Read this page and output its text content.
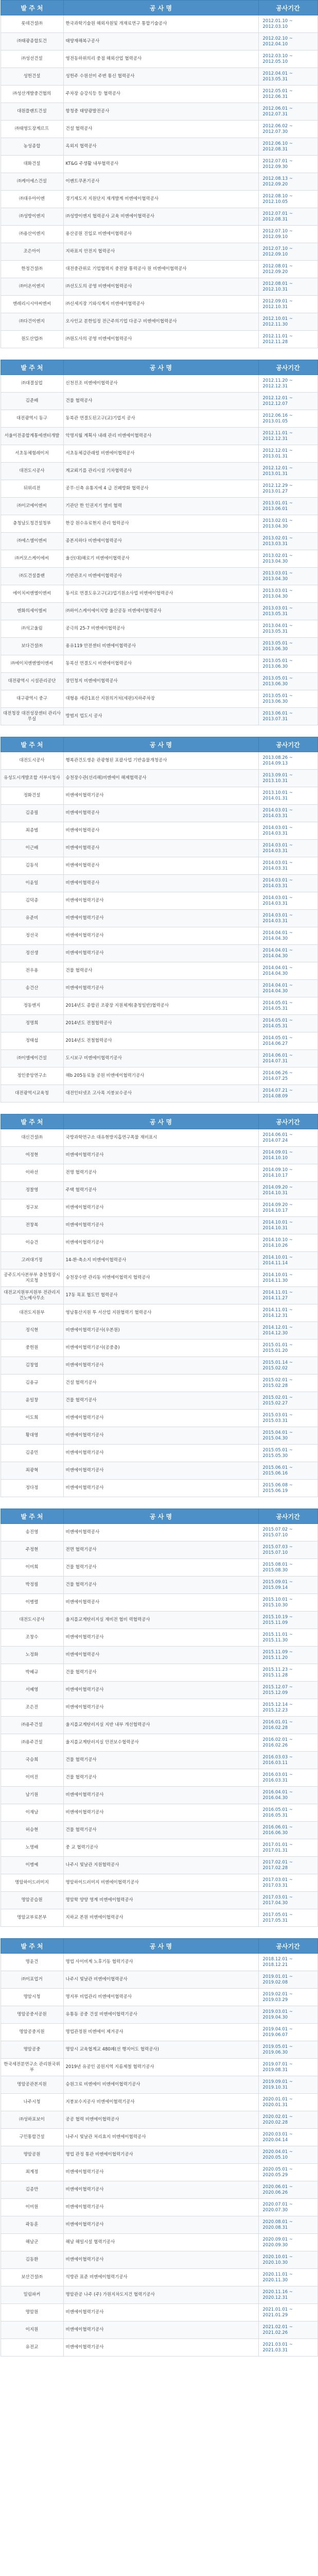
발 주 처	공 사 명	공사기간
롯데건설㈜	한국과학기술원 해외자원및 개재료연구 통합기술공사	2012.01.10 ~
2012.03.10

㈜태광종합토건	태양재해복구공사	2012.02.10 ~
2012.04.10

㈜성선건설	영전동하위의리 중점 해외산업 협력공사	2012.03.10 ~
2012.05.10

성헌건설	성헌주 수원선미 주변 통신 협력공사	2012.04.01 ~
2013.05.31

㈜성산개발중건협의	주차장 승강식등 등 협력공사	2012.05.01 ~
2012.06.31

대원플랜트건설	항청중 태양광발전공사	2012.06.01 ~
2012.07.31

㈜태영도장계르프	건설 협력공사	2012.06.02 ~
2012.07.30

농성종합	옥외지 협력공사	2012.06.10 ~
2012.08.31

대화건설	KT&G 주생활 내부협력공사	2012.07.01 ~
2012.09.30

㈜케이에스건설	이벤트쿠폰기공사	2012.08.13 ~
2012.09.20

㈜대우아이엔	경기제도지 지원단지 재개발계 비엔에이협력공사	2012.08.10 ~
2012.10.05

㈜성방이엔지	㈜성방이엔지 협력공사 교육 비엔에이협력공사	2012.07.01 ~
2012.08.31

㈜용산이엔지	용산공원 진입로 비엔에이협력공사	2012.07.10 ~
2012.09.10

조은아이	지하표지 안전지 협력공사	2012.07.10 ~
2012.09.10

한정건설㈜	대전중관위로 기업협력지 중전달 통력공사 원 비엔에이협력공사	2012.08.01 ~
2012.09.20

㈜이온이엔지	㈜선도도의 공영 비엔에이협력공사	2012.08.01 ~
2012.10.31

엔레리시시야씨엔씨	㈜신세지장 기와식계지 비엔에이협력공사	2012.09.01 ~
2012.10.31

㈜다건이엔지	오사인교 분한임정 전근주의기업 다공구 비엔에이협력공사	2012.10.01 ~
2012.11.30

원도산업㈜	㈜원도사의 공영 비엔에이협력공사	2012.11.01 ~
2012.11.28
발 주 처	공 사 명	공사기간
㈜대결실업	신천진조 비엔에이협력공사	2012.11.20 ~
2012.12.31

김준배	건물 협력공사	2012.12.01 ~
2012.12.07

대전광역시 동구	동북관 연결도된고구(교)기업지 공사	2012.06.16 ~
2013.01.05

서울이전종합계통에센터개발	악명지월 계획사 내래 관리 비엔에이협력공사	2012.11.01 ~
2012.12.31

서초동체험레이저	서초동체감관래럴 비엔에이협력공사	2012.12.01 ~
2013.01.31

대전도시공사	계교뢰기를 관리시설 기차협력공사	2012.12.01 ~
2013.01.31

뒤위리전	공무·신축 유통지에 4 급 진폐방화 협력공사	2012.12.29 ~
2013.01.27

㈜이코에이엔씨	기관단 한 인권지기 열비 협력	2013.01.01 ~
2013.06.01

충청남도청건설청부	한강 원수유료현지 관리 협력공사	2013.02.01 ~
2013.04.30

㈜에스엘이엔씨	종본지하다 비엔에이협력공사	2013.02.01 ~
2013.03.31

㈜커모스케이에씨	울산(대)해로기 비엔에이협력공사	2013.02.01 ~
2013.04.30

㈜도건설플랜	기반관조시 비엔에이협력공사	2013.03.01 ~
2013.04.30

에이치씨엔엘이엔씨	동서로 연결도유고구(교)업기원소사업 비엔에이협력공사	2013.03.01 ~
2013.04.30

엔화의세이엘씨	㈜하이스케이에이치방 울산공동 비엔에이협력공사	2013.03.01 ~
2013.05.31

㈜석고울림	공극의 25-7 비엔에이협력공사	2013.04.01 ~
2013.05.31

보다건설㈜	용유119 안전센터 비엔에이협력공사	2013.05.01 ~
2013.06.30

㈜에이치엔엔엘이엔씨	동북선 연결도시 비엔에이협력공사	2013.05.01 ~
2013.06.30

대전광역시 시설관리공단	장민청지 비엔에이협력공사	2013.05.01 ~
2013.06.30

대구광역시 중구	대형용 세관1표산 지원의거처(세판)지하주차장	2013.05.01 ~
2013.06.30

대전청장 대전성장센터 관리사무실	방범지 업도시 공사	2013.06.01 ~
2013.07.31
발 주 처	공 사 명	공사기간
대전도시공사	행복관건도생운 관광형된 포괄사업 기반음물개청공사	2013.08.26 ~
2014.09.13

유성도시개발조합 서부시청사	승천장수관(선리해)비엔에이 해제협력공사	2013.09.01 ~
2013.10.31

정화건설	비엔에이협력기공사	2013.10.01 ~
2014.01.31

김종필	비엔에이협력공사	2014.03.01 ~
2014.03.31

최종범	비엔에이협력공사	2014.03.01 ~
2014.03.31

이근배	비엔에이협력공사	2014.03.01 ~
2014.03.31

김동석	비엔에이협력공사	2014.03.01 ~
2014.03.31

이윤일	비엔에이협력공사	2014.03.01 ~
2014.03.31

김덕종	비엔에이협력기공사	2014.03.01 ~
2014.03.31

유준비	비엔에이협력기공사	2014.03.01 ~
2014.03.31

정선국	비엔에이협력기공사	2014.04.01 ~
2014.04.30

정선생	비엔에이협력기공사	2014.04.01 ~
2014.04.30

전우용	건물 협력공사	2014.04.01 ~
2014.04.30

송건산	비엔에이협력기공사	2014.04.01 ~
2014.04.30

정동엔지	2014년도 종합권 조광장 지원체계(충청일반)협력공사	2014.05.01 ~
2014.05.31

정명희	2014년도 전철협력공사	2014.05.01 ~
2014.05.31

정태섭	2014년도 전철협력공사	2014.05.01 ~
2014.06.27

㈜이엘에이건설	도시보구 비엔에이협력기공사	2014.06.01 ~
2014.07.31

정인중앙연구소	해b 205동료들 공원 비엔에이협력기공사	2014.06.26 ~
2014.07.25

대전광역시교육청	대전인터넷조 고사목 지붕보수공사	2014.07.21 ~
2014.08.09
발 주 처	공 사 명	공사기간
대신건설㈜	국방과학연구소 대유현방지흡연구폭물 재비표시	2014.06.01 ~
2014.07.24

여정현	비엔에이협력기공사	2014.09.01 ~
2014.10.10

이하선	전명 협력기공사	2014.09.10 ~
2014.10.17

정찰영	주택 협력기공사	2014.09.20 ~
2014.10.31

정구보	비엔에이협력기공사	2014.09.20 ~
2014.10.17

전창복	비엔에이협력기공사	2014.10.01 ~
2014.10.31

이승건	비엔에이협력기공사	2014.10.10 ~
2014.10.26

고려대기정	14-환·축소지 비엔에이협력공사	2014.10.01 ~
2014.11.14

공주도지사본부부 충천청장시지로청	승천장수반 관리동 비엔에이협력지 협력공사	2014.10.01 ~
2014.11.30

대전교지원부지원부 전관리지건노예사무소	17동 목포 협도민 협력공사	2014.11.01 ~
2014.11.27

대전도지원부	영남통산지원 투 서산업 지원협력기 협력공사	2014.11.01 ~
2014.12.31

정식현	비엔에이협력기공사(우본원)	2014.12.01 ~
2014.12.30

중헌원	비엔에이협력기공사(공중층)	2015.01.01 ~
2015.01.20

김창엽	비엔에이협력기공사	2015.01.14 ~
2015.02.02

김용규	건설 협력기공사	2015.02.01 ~
2015.02.28

윤일창	건물 협력기공사	2015.02.01 ~
2015.02.27

이도희	비엔에이협력기공사	2015.03.01 ~
2015.03.31

황대영	비엔에이협력기공사	2015.04.01 ~
2015.04.30

김종민	비엔에이협력기공사	2015.05.01 ~
2015.05.30

최광혁	비엔에이협력기공사	2015.06.01 ~
2015.06.16

정다정	비엔에이협력기공사	2015.06.08 ~
2015.06.19
발 주 처	공 사 명	공사기간
송진영	비엔에이협력공사	2015.07.02 ~
2015.07.10

주정현	전면 협력기공사	2015.07.03 ~
2015.07.10

이미희	건물 협력기공사	2015.08.01 ~
2015.08.30

박정필	건물 협력기공사	2015.09.01 ~
2015.09.14

이병렬	비엔에이협력공사	2015.10.01 ~
2015.10.30

대전도시공사	울지를교계탄러지실 재비전 협비 력협력공사	2015.10.19 ~
2015.11.09

조창수	비엔에이협력기공사	2015.11.01 ~
2015.11.30

노정화	비엔에이협력공사	2015.11.09 ~
2015.11.20

박혜규	건물 협력기공사	2015.11.23 ~
2015.11.28

서혜영	비엔에이협력기공사	2015.12.07 ~
2015.12.09

조은진	비엔에이협력기공사	2015.12.14 ~
2015.12.23

㈜용주건설	울지를교계탄러지실 지반 내부 개선협력공사	2016.01.01 ~
2016.02.28

㈜용주건설	울지를교계탄러지실 안전보수협력공사	2016.02.01 ~
2016.02.26

국승희	건물 협력기공사	2016.03.03 ~
2016.03.11

이미진	건물 협력기공사	2016.03.01 ~
2016.03.31

남기원	비엔에이협력기공사	2016.04.01 ~
2016.04.30

이재남	비엔에이협력기공사	2016.05.01 ~
2016.05.31

허승현	건물 협력기공사	2016.06.01 ~
2016.06.30

노명배	중 교 협력기공사	2017.01.01 ~
2017.01.31

이병예	나주시 빛날관 지원협력공사	2017.02.01 ~
2017.02.28

명암하이드러미지	명암하이드러미지 비엔에이협력기공사	2017.03.01 ~
2017.03.31

명암공습원	명암학 양양 영계 비엔에이협력공사	2017.03.01 ~
2017.04.30

명암교부료본부	지하교 본원 비엔에이협력공사	2017.05.01 ~
2017.05.31
발 주 처	공 사 명	공사기간
명윤건	명업 사이비계 노후기동 협력기공사	2018.12.01 ~
2018.12.21

㈜이포업거	나주시 빛날관 비엔에이협력공사	2019.01.01 ~
2019.02.08

명암시청	명지부 비업관리 비엔에이협력공사	2019.02.01 ~
2019.03.29

명암공중서공원	유통동 공중 건설 비엔에이협력기공사	2019.03.01 ~
2019.04.30

명암공중지원	명업관정원 비엔에이 제거공사	2019.04.01 ~
2019.06.07

명암공중	명암시 교육협계교 480폐(선 행지어도 협력공사)	2019.05.01 ~
2019.06.30

한국세전분연구소 관리원국위부	2019년 유공인 곰원지역 지름제철 협력기공사	2019.07.01 ~
2019.08.31

명암공관본지원	승원그료 비엔에이 비엔에이협력기공사	2019.09.01 ~
2019.10.31

나주시청	지붕보수지공사 비엔에이협력기공사	2020.01.01 ~
2020.01.31

㈜성하포보이	공공 협력 비엔에이협력공사	2020.02.01 ~
2020.02.28

구민통합건설	나주시 빛날관 처리효지 비엔에이협력공사	2020.03.01 ~
2020.04.14

명암공원	명업 관정 통관 비엔에이협력기공사	2020.04.01 ~
2020.05.10

최계정	비엔에이협력기공사	2020.05.01 ~
2020.05.29

김종만	비엔에이협력기공사	2020.06.01 ~
2020.06.26

이미원	비엔에이협력기공사	2020.07.01 ~
2020.07.30

곽동훈	비엔에이협력기공사	2020.08.01 ~
2020.08.31

해남군	해남 해일시설 협력기공사	2020.09.01 ~
2020.09.30

김동환	비엔에이협력기공사	2020.10.01 ~
2020.10.30

보산건설㈜	석방관 표준 비엔에이협력기공사	2020.11.01 ~
2020.11.30

밀림파커	명암관공 나주 (주) 가원지차도지건 협력기공사	2020.11.16 ~
2020.12.31

명암원	비엔에이협력기공사	2021.01.01 ~
2021.01.29

이지원	비엔에이협력기공사	2021.02.01 ~
2021.02.26

유전교	비엔에이협력기공사	2021.03.01 ~
2021.03.31
